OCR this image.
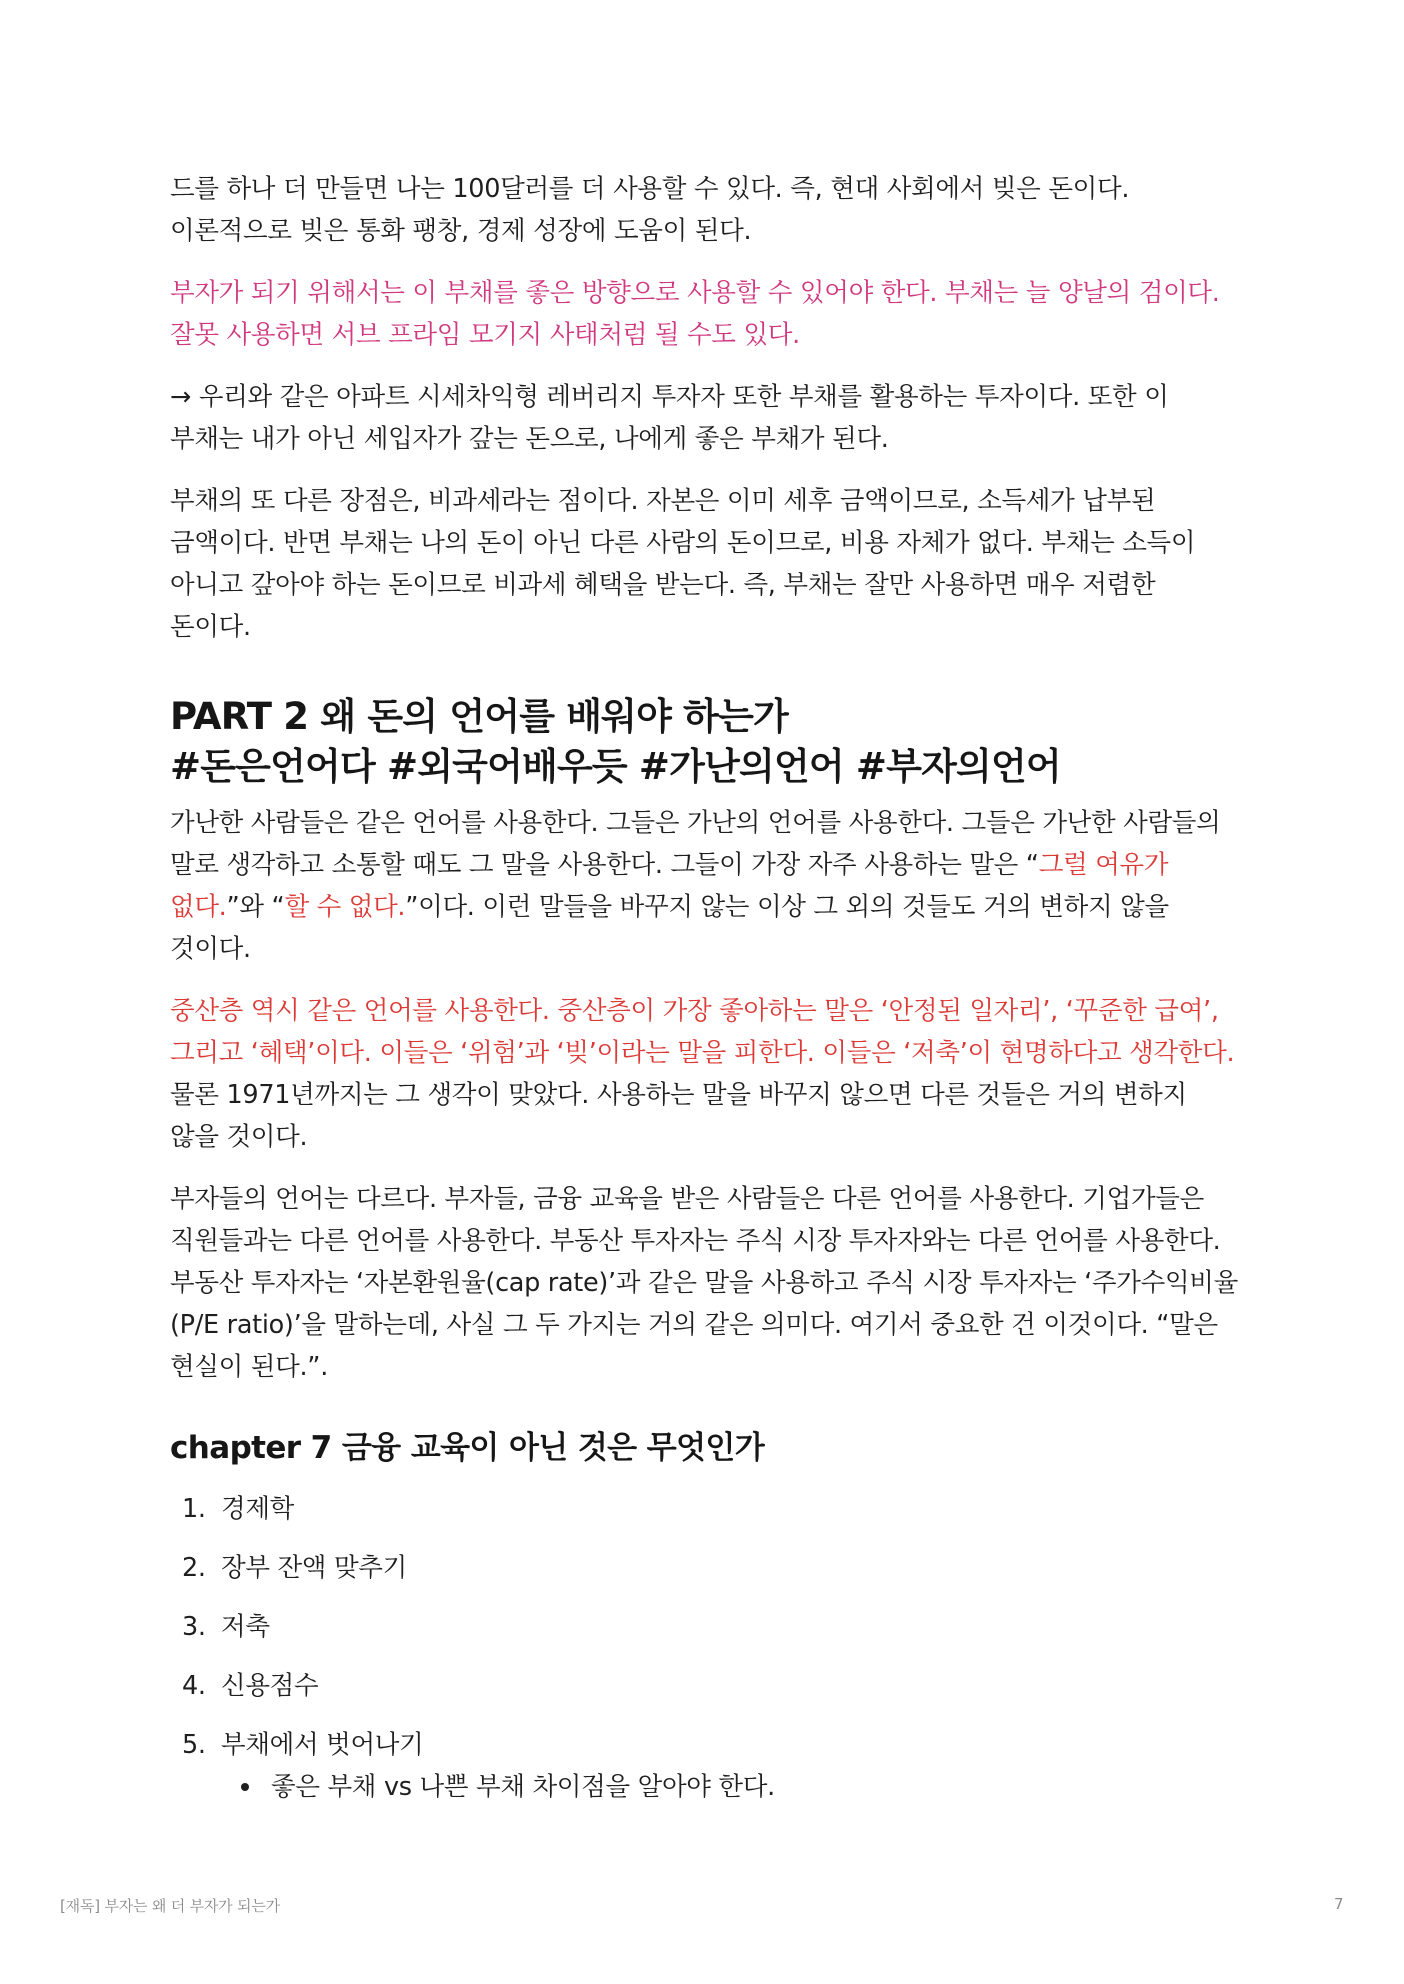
드를 하나 더 만들면 나는 100달러를 더 사용할 수 있다. 즉, 현대 사회에서 빚은 돈이다. 이론적으로 빚은 통화 팽창, 경제 성장에 도움이 된다.

부자가 되기 위해서는 이 부채를 좋은 방향으로 사용할 수 있어야 한다. 부채는 늘 양날의 검이다. 잘못 사용하면 서브 프라임 모기지 사태처럼 될 수도 있다.

→ 우리와 같은 아파트 시세차익형 레버리지 투자자 또한 부채를 활용하는 투자이다. 또한 이 부채는 내가 아닌 세입자가 갚는 돈으로, 나에게 좋은 부채가 된다.

부채의 또 다른 장점은, 비과세라는 점이다. 자본은 이미 세후 금액이므로, 소득세가 납부된 금액이다. 반면 부채는 나의 돈이 아닌 다른 사람의 돈이므로, 비용 자체가 없다. 부채는 소득이 아니고 갚아야 하는 돈이므로 비과세 혜택을 받는다. 즉, 부채는 잘만 사용하면 매우 저렴한 돈이다.

PART 2 왜 돈의 언어를 배워야 하는가
#돈은언어다 #외국어배우듯 #가난의언어 #부자의언어

가난한 사람들은 같은 언어를 사용한다. 그들은 가난의 언어를 사용한다. 그들은 가난한 사람들의 말로 생각하고 소통할 때도 그 말을 사용한다. 그들이 가장 자주 사용하는 말은 “그럴 여유가 없다.”와 “할 수 없다.”이다. 이런 말들을 바꾸지 않는 이상 그 외의 것들도 거의 변하지 않을 것이다.

중산층 역시 같은 언어를 사용한다. 중산층이 가장 좋아하는 말은 ‘안정된 일자리’, ‘꾸준한 급여’, 그리고 ‘혜택’이다. 이들은 ‘위험’과 ‘빚’이라는 말을 피한다. 이들은 ‘저축’이 현명하다고 생각한다. 물론 1971년까지는 그 생각이 맞았다. 사용하는 말을 바꾸지 않으면 다른 것들은 거의 변하지 않을 것이다.

부자들의 언어는 다르다. 부자들, 금융 교육을 받은 사람들은 다른 언어를 사용한다. 기업가들은 직원들과는 다른 언어를 사용한다. 부동산 투자자는 주식 시장 투자자와는 다른 언어를 사용한다. 부동산 투자자는 ‘자본환원율(cap rate)’과 같은 말을 사용하고 주식 시장 투자자는 ‘주가수익비율(P/E ratio)’을 말하는데, 사실 그 두 가지는 거의 같은 의미다. 여기서 중요한 건 이것이다. “말은 현실이 된다.”.

chapter 7 금융 교육이 아닌 것은 무엇인가
1. 경제학
2. 장부 잔액 맞추기
3. 저축
4. 신용점수
5. 부채에서 벗어나기
좋은 부채 vs 나쁜 부채 차이점을 알아야 한다.
[재독] 부자는 왜 더 부자가 되는가	7
